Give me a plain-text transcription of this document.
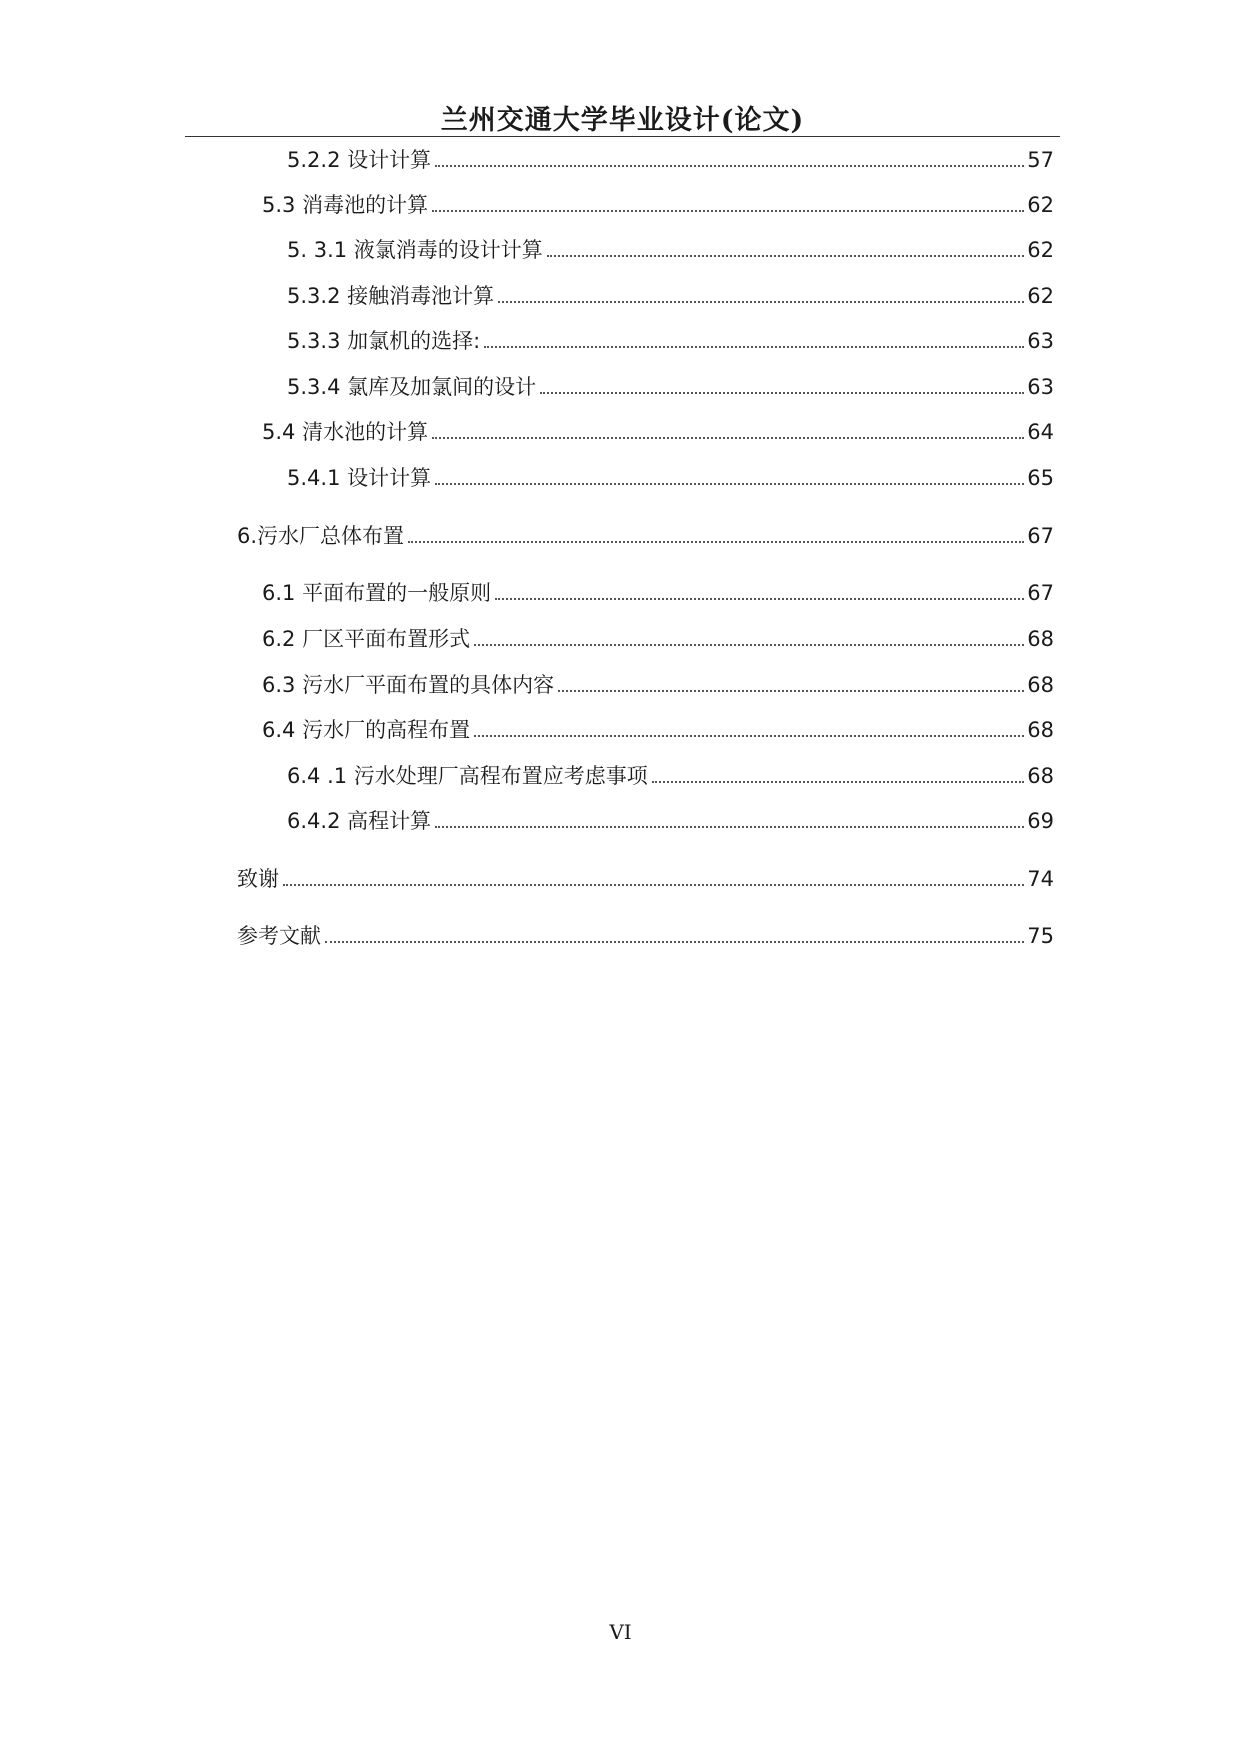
兰州交通大学毕业设计(论文)
5.2.2 设计计算	57
5.3 消毒池的计算	62
5. 3.1 液氯消毒的设计计算	62
5.3.2 接触消毒池计算	62
5.3.3 加氯机的选择:	63
5.3.4 氯库及加氯间的设计	63
5.4 清水池的计算	64
5.4.1 设计计算	65
6.污水厂总体布置	67
6.1 平面布置的一般原则	67
6.2 厂区平面布置形式	68
6.3 污水厂平面布置的具体内容	68
6.4 污水厂的高程布置	68
6.4 .1 污水处理厂高程布置应考虑事项	68
6.4.2 高程计算	69
致谢	74
参考文献	75
VI
